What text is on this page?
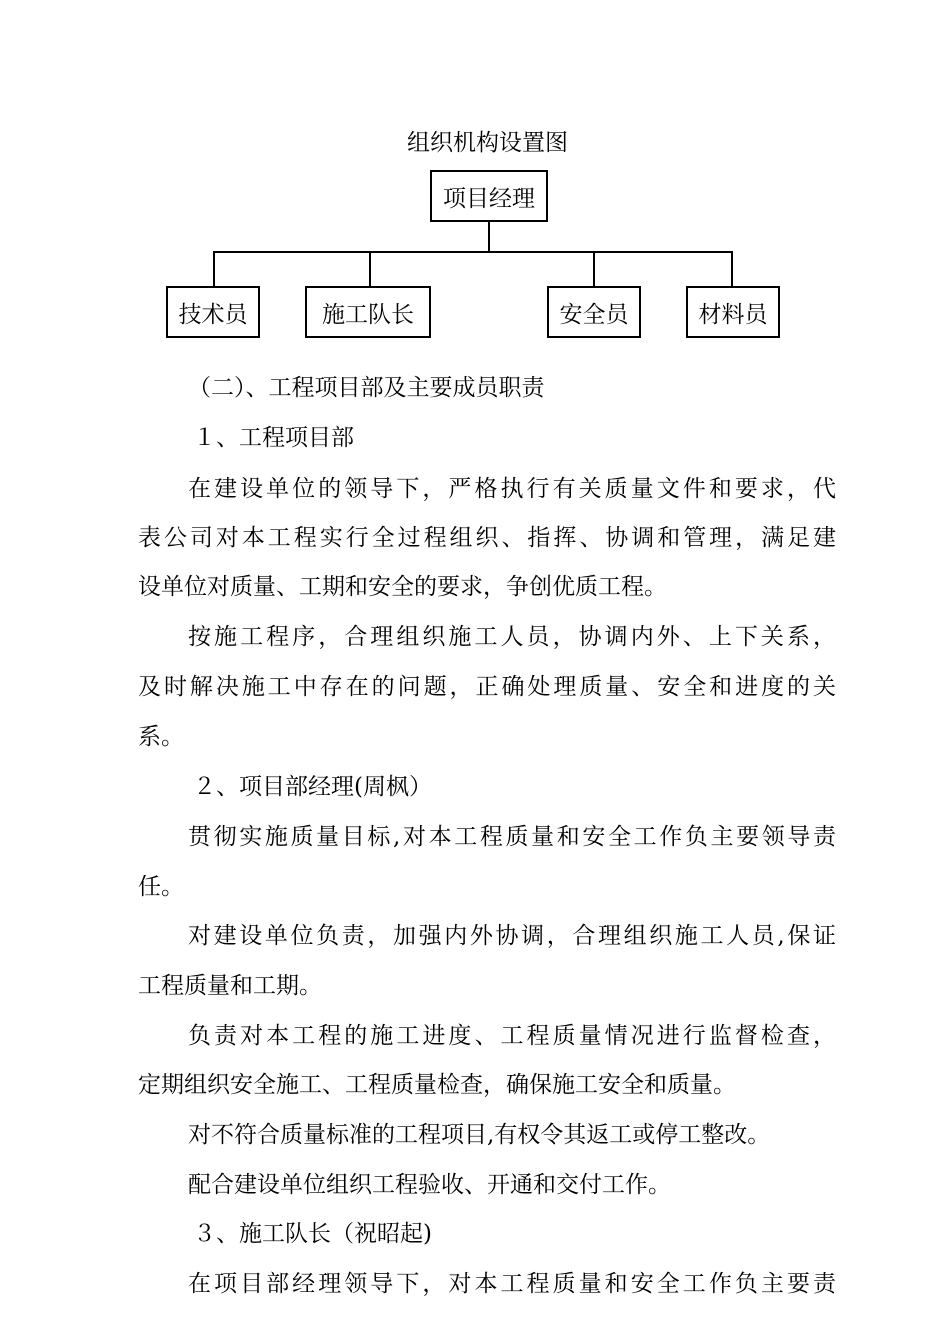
组织机构设置图
项目经理
技术员	施工队长	安全员	材料员
（二）、工程项目部及主要成员职责
１、工程项目部
在建设单位的领导下，严格执行有关质量文件和要求，代
表公司对本工程实行全过程组织、指挥、协调和管理，满足建
设单位对质量、工期和安全的要求，争创优质工程。
按施工程序，合理组织施工人员，协调内外、上下关系，
及时解决施工中存在的问题，正确处理质量、安全和进度的关
系。
２、项目部经理(周枫）
贯彻实施质量目标,对本工程质量和安全工作负主要领导责
任。
对建设单位负责，加强内外协调，合理组织施工人员,保证
工程质量和工期。
负责对本工程的施工进度、工程质量情况进行监督检查，
定期组织安全施工、工程质量检查，确保施工安全和质量。
对不符合质量标准的工程项目,有权令其返工或停工整改。
配合建设单位组织工程验收、开通和交付工作。
３、施工队长（祝昭起)
在项目部经理领导下，对本工程质量和安全工作负主要责
